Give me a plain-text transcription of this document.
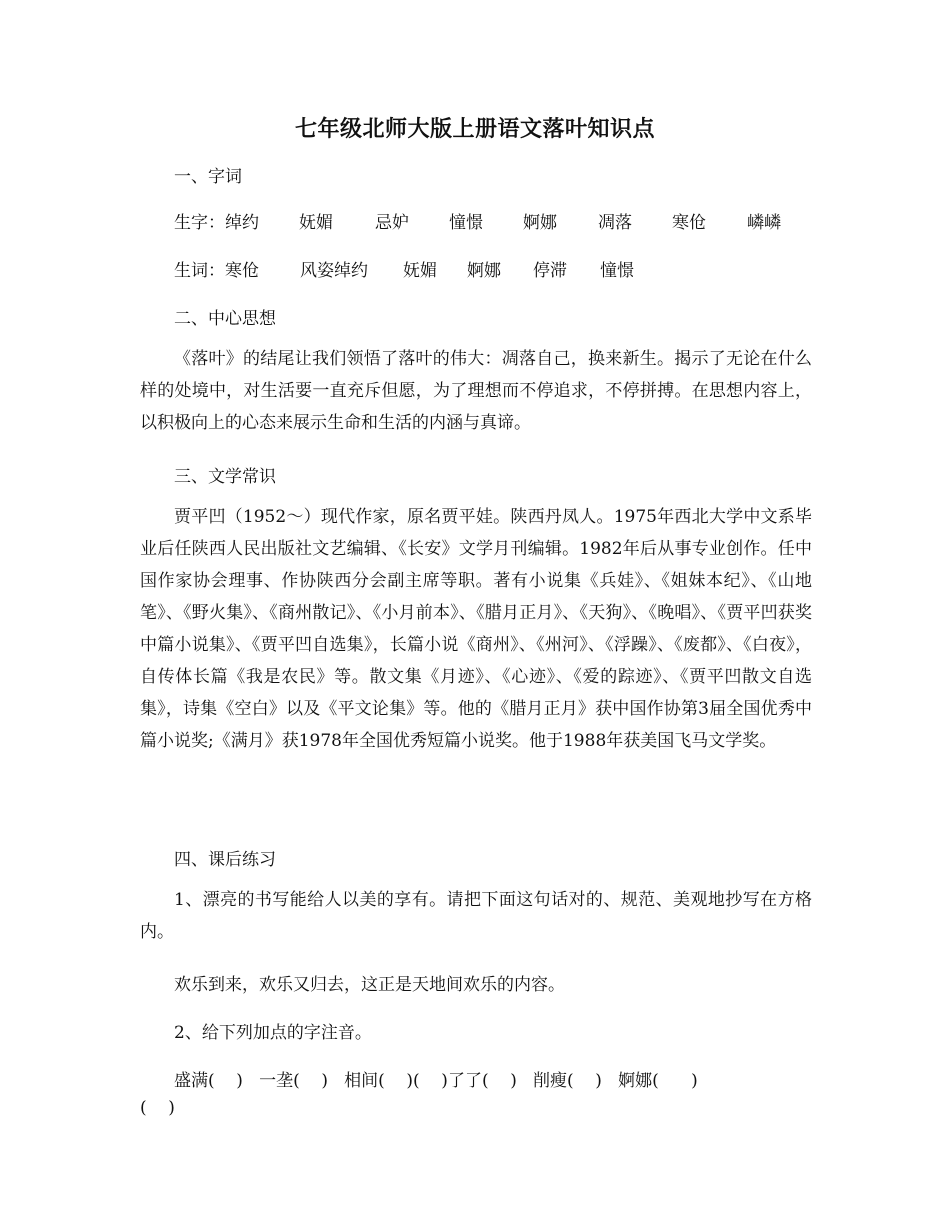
七年级北师大版上册语文落叶知识点
一、字词
生字： 绰约	妩媚	忌妒	憧憬	婀娜	凋落	寒伧	嶙嶙
生词： 寒伧	风姿绰约	妩媚	婀娜	停滞	憧憬
二、中心思想
《落叶》的结尾让我们领悟了落叶的伟大：凋落自己，换来新生。揭示了无论在什么样的处境中，对生活要一直充斥但愿，为了理想而不停追求，不停拼搏。在思想内容上，以积极向上的心态来展示生命和生活的内涵与真谛。
三、文学常识
贾平凹（1952～）现代作家，原名贾平娃。陕西丹凤人。1975年西北大学中文系毕业后任陕西人民出版社文艺编辑、《长安》文学月刊编辑。1982年后从事专业创作。任中国作家协会理事、作协陕西分会副主席等职。著有小说集《兵娃》、《姐妹本纪》、《山地笔》、《野火集》、《商州散记》、《小月前本》、《腊月正月》、《天狗》、《晚唱》、《贾平凹获奖中篇小说集》、《贾平凹自选集》，长篇小说《商州》、《州河》、《浮躁》、《废都》、《白夜》，自传体长篇《我是农民》等。散文集《月迹》、《心迹》、《爱的踪迹》、《贾平凹散文自选集》，诗集《空白》以及《平文论集》等。他的《腊月正月》获中国作协第3届全国优秀中篇小说奖;《满月》获1978年全国优秀短篇小说奖。他于1988年获美国飞马文学奖。
四、课后练习
1、漂亮的书写能给人以美的享有。请把下面这句话对的、规范、美观地抄写在方格内。
欢乐到来，欢乐又归去，这正是天地间欢乐的内容。
2、给下列加点的字注音。
盛满(    )   一垄(    )   相间(    )(    )了了(    )   削瘦(    )   婀娜(      )
(    )
